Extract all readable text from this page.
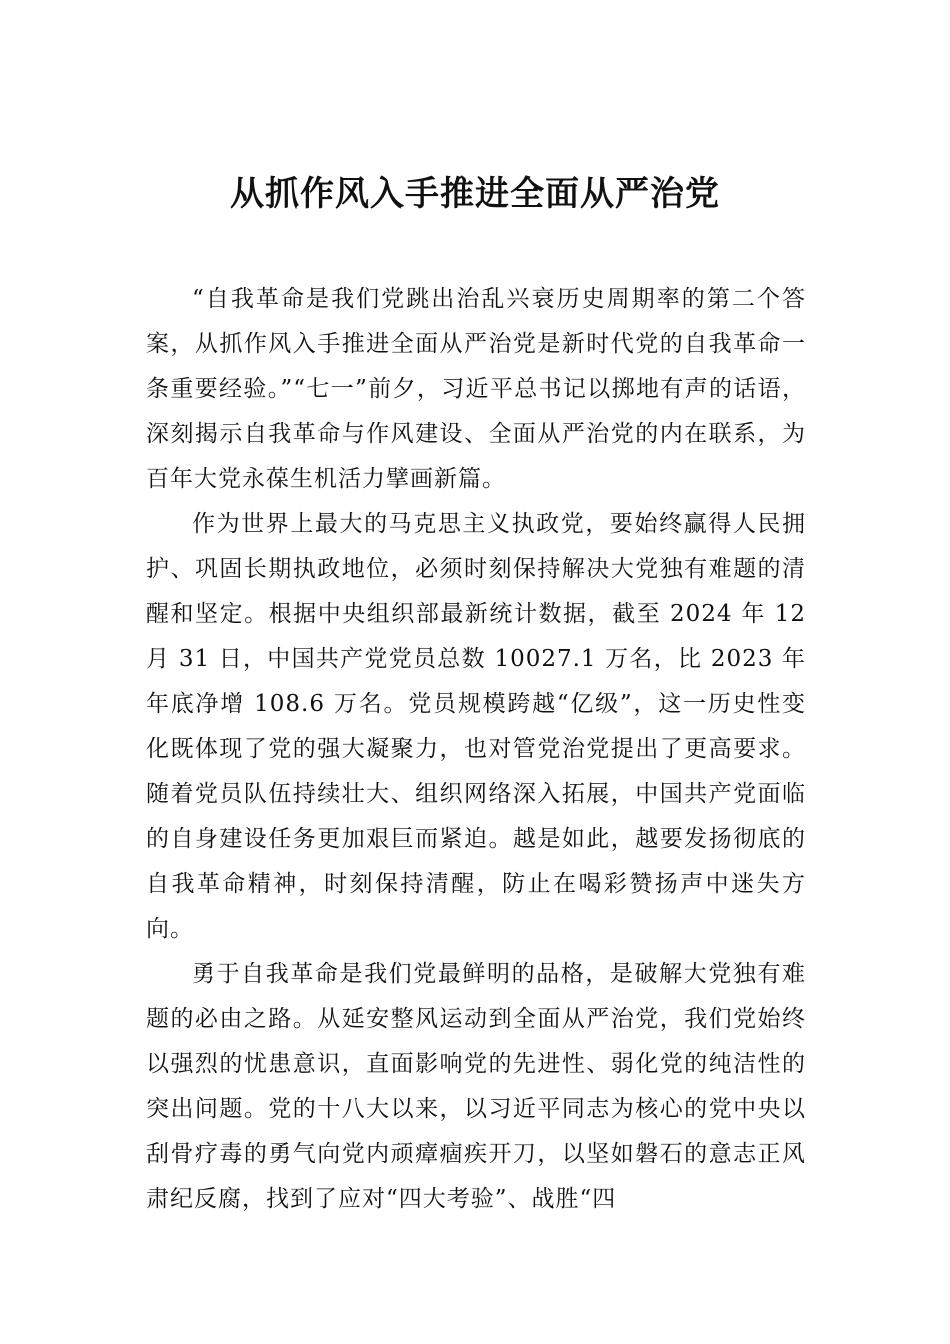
从抓作风入手推进全面从严治党

“自我革命是我们党跳出治乱兴衰历史周期率的第二个答案，从抓作风入手推进全面从严治党是新时代党的自我革命一条重要经验。”“七一”前夕，习近平总书记以掷地有声的话语，深刻揭示自我革命与作风建设、全面从严治党的内在联系，为百年大党永葆生机活力擘画新篇。

作为世界上最大的马克思主义执政党，要始终赢得人民拥护、巩固长期执政地位，必须时刻保持解决大党独有难题的清醒和坚定。根据中央组织部最新统计数据，截至 2024 年 12 月 31 日，中国共产党党员总数 10027.1 万名，比 2023 年年底净增 108.6 万名。党员规模跨越“亿级”，这一历史性变化既体现了党的强大凝聚力，也对管党治党提出了更高要求。随着党员队伍持续壮大、组织网络深入拓展，中国共产党面临的自身建设任务更加艰巨而紧迫。越是如此，越要发扬彻底的自我革命精神，时刻保持清醒，防止在喝彩赞扬声中迷失方向。

勇于自我革命是我们党最鲜明的品格，是破解大党独有难题的必由之路。从延安整风运动到全面从严治党，我们党始终以强烈的忧患意识，直面影响党的先进性、弱化党的纯洁性的突出问题。党的十八大以来，以习近平同志为核心的党中央以刮骨疗毒的勇气向党内顽瘴痼疾开刀，以坚如磐石的意志正风肃纪反腐，找到了应对“四大考验”、战胜“四
